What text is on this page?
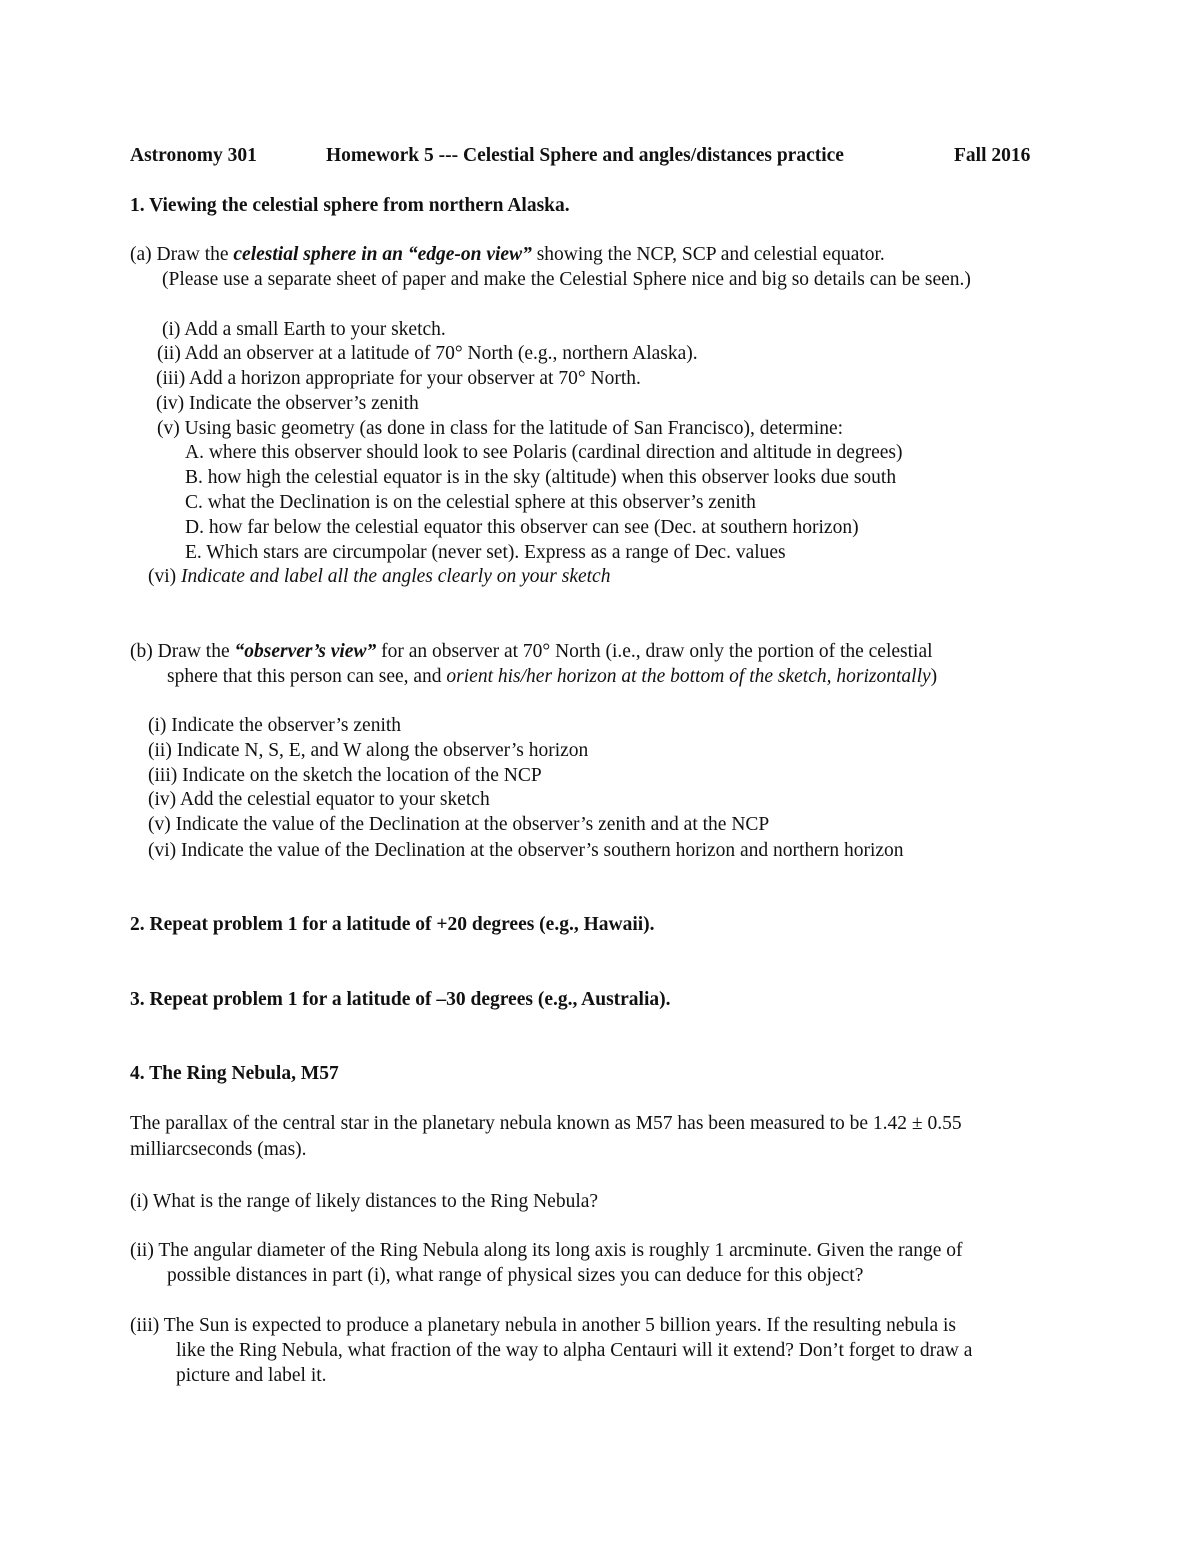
Astronomy 301	Homework 5 --- Celestial Sphere and angles/distances practice	Fall 2016
1. Viewing the celestial sphere from northern Alaska.
(a) Draw the celestial sphere in an “edge-on view” showing the NCP, SCP and celestial equator.
(Please use a separate sheet of paper and make the Celestial Sphere nice and big so details can be seen.)
(i) Add a small Earth to your sketch.
(ii) Add an observer at a latitude of 70° North (e.g., northern Alaska).
(iii) Add a horizon appropriate for your observer at 70° North.
(iv) Indicate the observer’s zenith
(v) Using basic geometry (as done in class for the latitude of San Francisco), determine:
A. where this observer should look to see Polaris (cardinal direction and altitude in degrees)
B. how high the celestial equator is in the sky (altitude) when this observer looks due south
C. what the Declination is on the celestial sphere at this observer’s zenith
D. how far below the celestial equator this observer can see (Dec. at southern horizon)
E. Which stars are circumpolar (never set). Express as a range of Dec. values
(vi) Indicate and label all the angles clearly on your sketch
(b) Draw the “observer’s view” for an observer at 70° North (i.e., draw only the portion of the celestial
sphere that this person can see, and orient his/her horizon at the bottom of the sketch, horizontally)
(i) Indicate the observer’s zenith
(ii) Indicate N, S, E, and W along the observer’s horizon
(iii) Indicate on the sketch the location of the NCP
(iv) Add the celestial equator to your sketch
(v) Indicate the value of the Declination at the observer’s zenith and at the NCP
(vi) Indicate the value of the Declination at the observer’s southern horizon and northern horizon
2. Repeat problem 1 for a latitude of +20 degrees (e.g., Hawaii).
3. Repeat problem 1 for a latitude of –30 degrees (e.g., Australia).
4. The Ring Nebula, M57
The parallax of the central star in the planetary nebula known as M57 has been measured to be 1.42 ± 0.55
milliarcseconds (mas).
(i) What is the range of likely distances to the Ring Nebula?
(ii) The angular diameter of the Ring Nebula along its long axis is roughly 1 arcminute. Given the range of
possible distances in part (i), what range of physical sizes you can deduce for this object?
(iii) The Sun is expected to produce a planetary nebula in another 5 billion years. If the resulting nebula is
like the Ring Nebula, what fraction of the way to alpha Centauri will it extend? Don’t forget to draw a
picture and label it.
